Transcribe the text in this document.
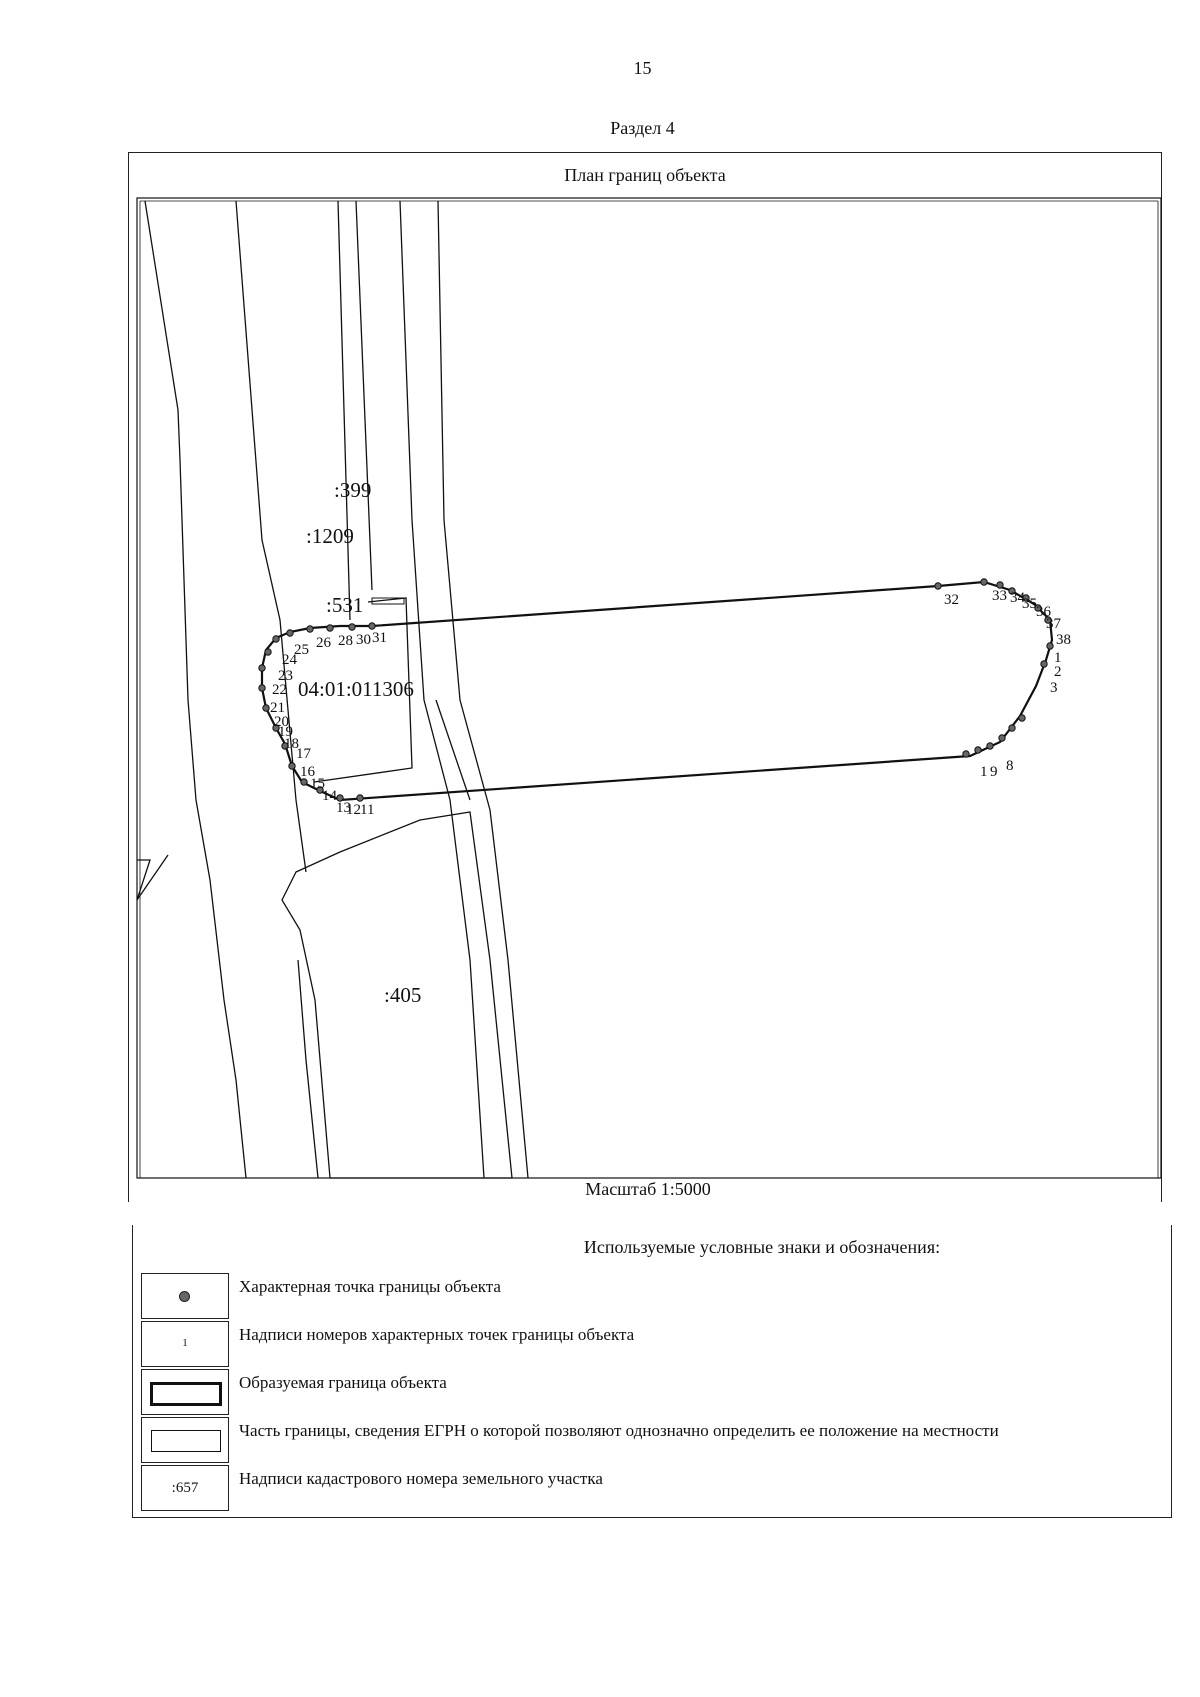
15
Раздел 4
План границ объекта
:399
:1209
:531
:405
04:01:011306
31
30
28
26
25
24
23
22
21
20
19
18
17
16
15
14
13
12 11
32 33 34
35 36
37
38
1
2
3
1 9 8
Масштаб 1:5000
Используемые условные знаки и обозначения:
Характерная точка границы объекта
1	Надписи номеров характерных точек границы объекта
Образуемая граница объекта
Часть границы, сведения ЕГРН о которой позволяют однозначно определить ее положение на местности
:657	Надписи кадастрового номера земельного участка
